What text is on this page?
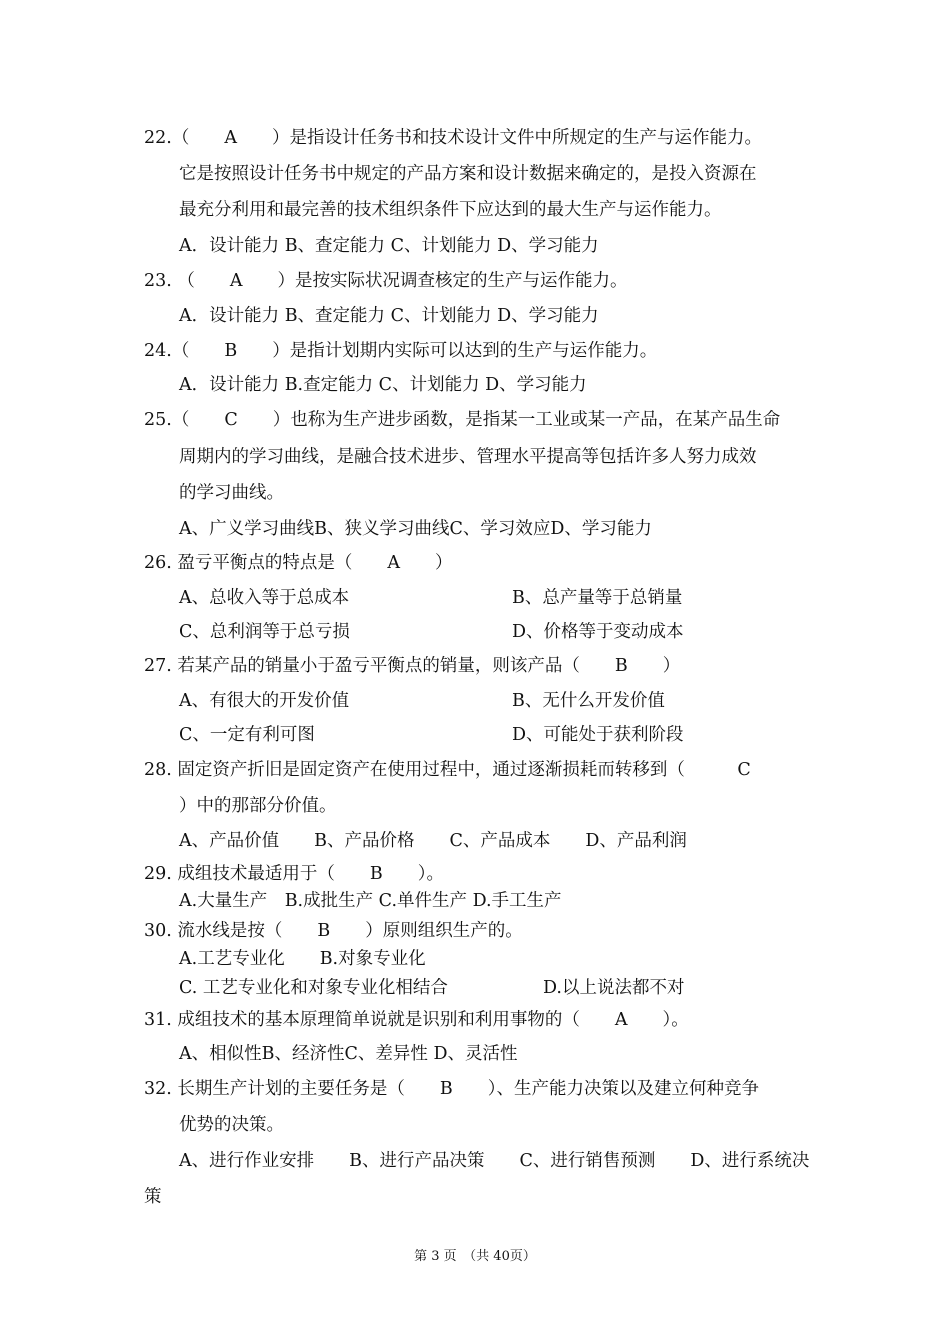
22.（　　A　　）是指设计任务书和技术设计文件中所规定的生产与运作能力。
它是按照设计任务书中规定的产品方案和设计数据来确定的，是投入资源在
最充分利用和最完善的技术组织条件下应达到的最大生产与运作能力。
A．设计能力 B、查定能力 C、计划能力 D、学习能力
23. （　　A　　）是按实际状况调查核定的生产与运作能力。
A．设计能力 B、查定能力 C、计划能力 D、学习能力
24.（　　B　　）是指计划期内实际可以达到的生产与运作能力。
A．设计能力 B.查定能力 C、计划能力 D、学习能力
25.（　　C　　）也称为生产进步函数，是指某一工业或某一产品，在某产品生命
周期内的学习曲线，是融合技术进步、管理水平提高等包括许多人努力成效
的学习曲线。
A、广义学习曲线B、狭义学习曲线C、学习效应D、学习能力
26. 盈亏平衡点的特点是（　　A　　）
A、总收入等于总成本	B、总产量等于总销量
C、总利润等于总亏损	D、价格等于变动成本
27. 若某产品的销量小于盈亏平衡点的销量，则该产品（　　B　　）
A、有很大的开发价值	B、无什么开发价值
C、一定有利可图	D、可能处于获利阶段
28. 固定资产折旧是固定资产在使用过程中，通过逐渐损耗而转移到（　　　C
）中的那部分价值。
A、产品价值　　B、产品价格　　C、产品成本　　D、产品利润
29. 成组技术最适用于（　　B　　）。
A.大量生产　B.成批生产 C.单件生产 D.手工生产
30. 流水线是按（　　B　　）原则组织生产的。
A.工艺专业化　　B.对象专业化
C. 工艺专业化和对象专业化相结合	D.以上说法都不对
31. 成组技术的基本原理简单说就是识别和利用事物的（　　A　　）。
A、相似性B、经济性C、差异性 D、灵活性
32. 长期生产计划的主要任务是（　　B　　）、生产能力决策以及建立何种竞争
优势的决策。
A、进行作业安排　　B、进行产品决策　　C、进行销售预测　　D、进行系统决
策
第 3 页　（共 40页）
